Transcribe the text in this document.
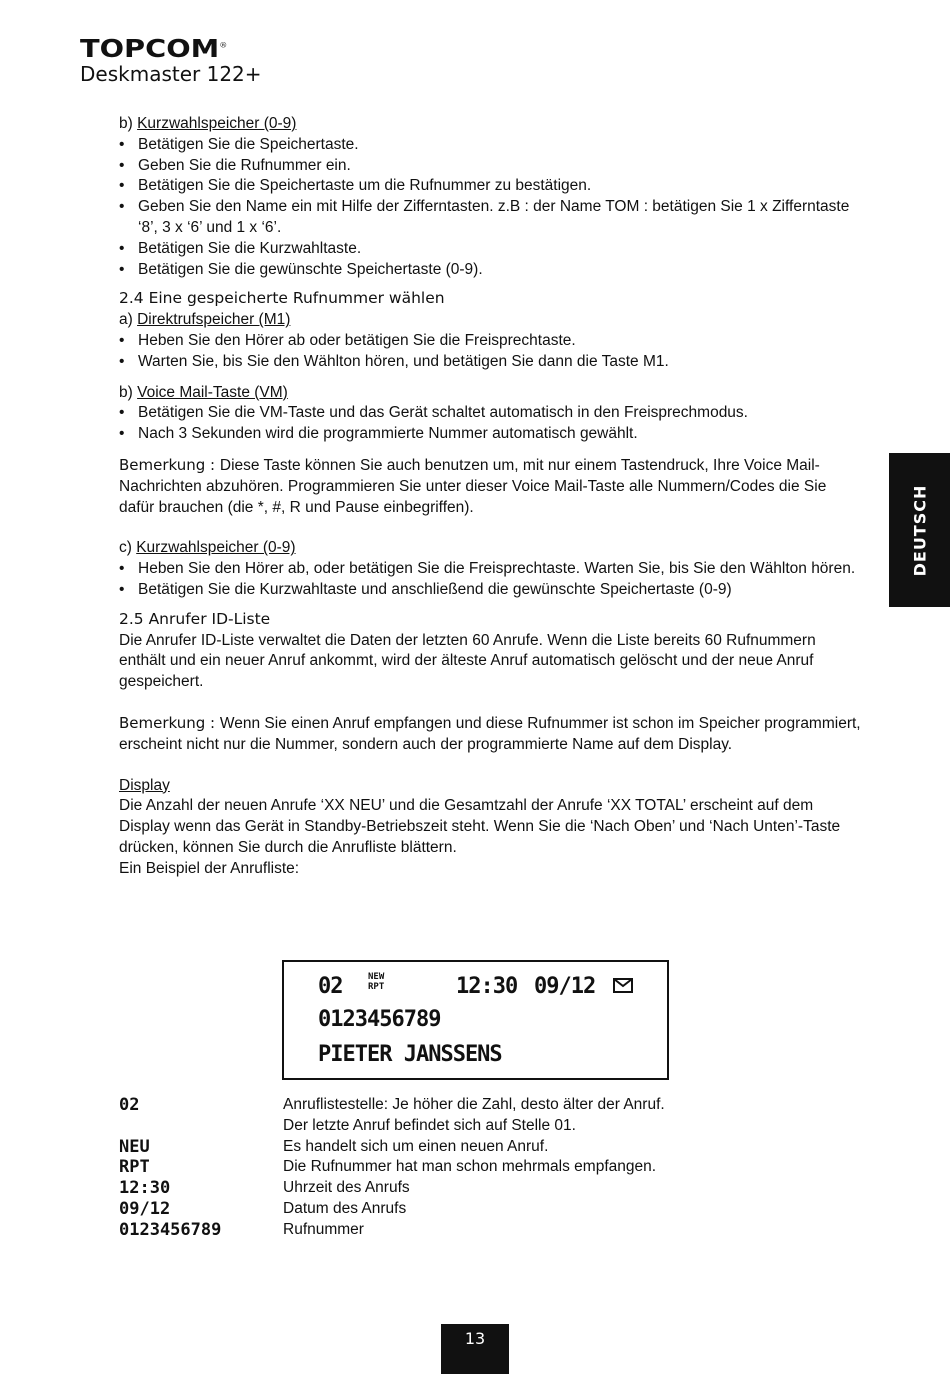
TOPCOM®
Deskmaster 122+
DEUTSCH

b) Kurzwahlspeicher (0-9)

• Betätigen Sie die Speichertaste.
• Geben Sie die Rufnummer ein.
• Betätigen Sie die Speichertaste um die Rufnummer zu bestätigen.
• Geben Sie den Name ein mit Hilfe der Zifferntasten. z.B : der Name TOM : betätigen Sie 1 x Zifferntaste ‘8’, 3 x ‘6’ und 1 x ‘6’.
• Betätigen Sie die Kurzwahltaste.
• Betätigen Sie die gewünschte Speichertaste (0-9).

2.4 Eine gespeicherte Rufnummer wählen

a) Direktrufspeicher (M1)

• Heben Sie den Hörer ab oder betätigen Sie die Freisprechtaste.
• Warten Sie, bis Sie den Wählton hören, und betätigen Sie dann die Taste M1.

b) Voice Mail-Taste (VM)

• Betätigen Sie die VM-Taste und das Gerät schaltet automatisch in den Freisprechmodus.
• Nach 3 Sekunden wird die programmierte Nummer automatisch gewählt.

Bemerkung : Diese Taste können Sie auch benutzen um, mit nur einem Tastendruck, Ihre Voice Mail-Nachrichten abzuhören. Programmieren Sie unter dieser Voice Mail-Taste alle Nummern/Codes die Sie dafür brauchen (die *, #, R und Pause einbegriffen).

c) Kurzwahlspeicher (0-9)

• Heben Sie den Hörer ab, oder betätigen Sie die Freisprechtaste. Warten Sie, bis Sie den Wählton hören.
• Betätigen Sie die Kurzwahltaste und anschließend die gewünschte Speichertaste (0-9)

2.5 Anrufer ID-Liste

Die Anrufer ID-Liste verwaltet die Daten der letzten 60 Anrufe. Wenn die Liste bereits 60 Rufnummern enthält und ein neuer Anruf ankommt, wird der älteste Anruf automatisch gelöscht und der neue Anruf gespeichert.

Bemerkung : Wenn Sie einen Anruf empfangen und diese Rufnummer ist schon im Speicher programmiert, erscheint nicht nur die Nummer, sondern auch der programmierte Name auf dem Display.

Display

Die Anzahl der neuen Anrufe ‘XX NEU’ und die Gesamtzahl der Anrufe ‘XX TOTAL’ erscheint auf dem Display wenn das Gerät in Standby-Betriebszeit steht. Wenn Sie die ‘Nach Oben’ und ‘Nach Unten’-Taste drücken, können Sie durch die Anrufliste blättern.

Ein Beispiel der Anrufliste:

02	NEW
RPT	12:30 09/12
0123456789
PIETER JANSSENS
02	Anruflistestelle: Je höher die Zahl, desto älter der Anruf.
Der letzte Anruf befindet sich auf Stelle 01.
NEU	Es handelt sich um einen neuen Anruf.
RPT	Die Rufnummer hat man schon mehrmals empfangen.
12:30	Uhrzeit des Anrufs
09/12	Datum des Anrufs
0123456789	Rufnummer
13
